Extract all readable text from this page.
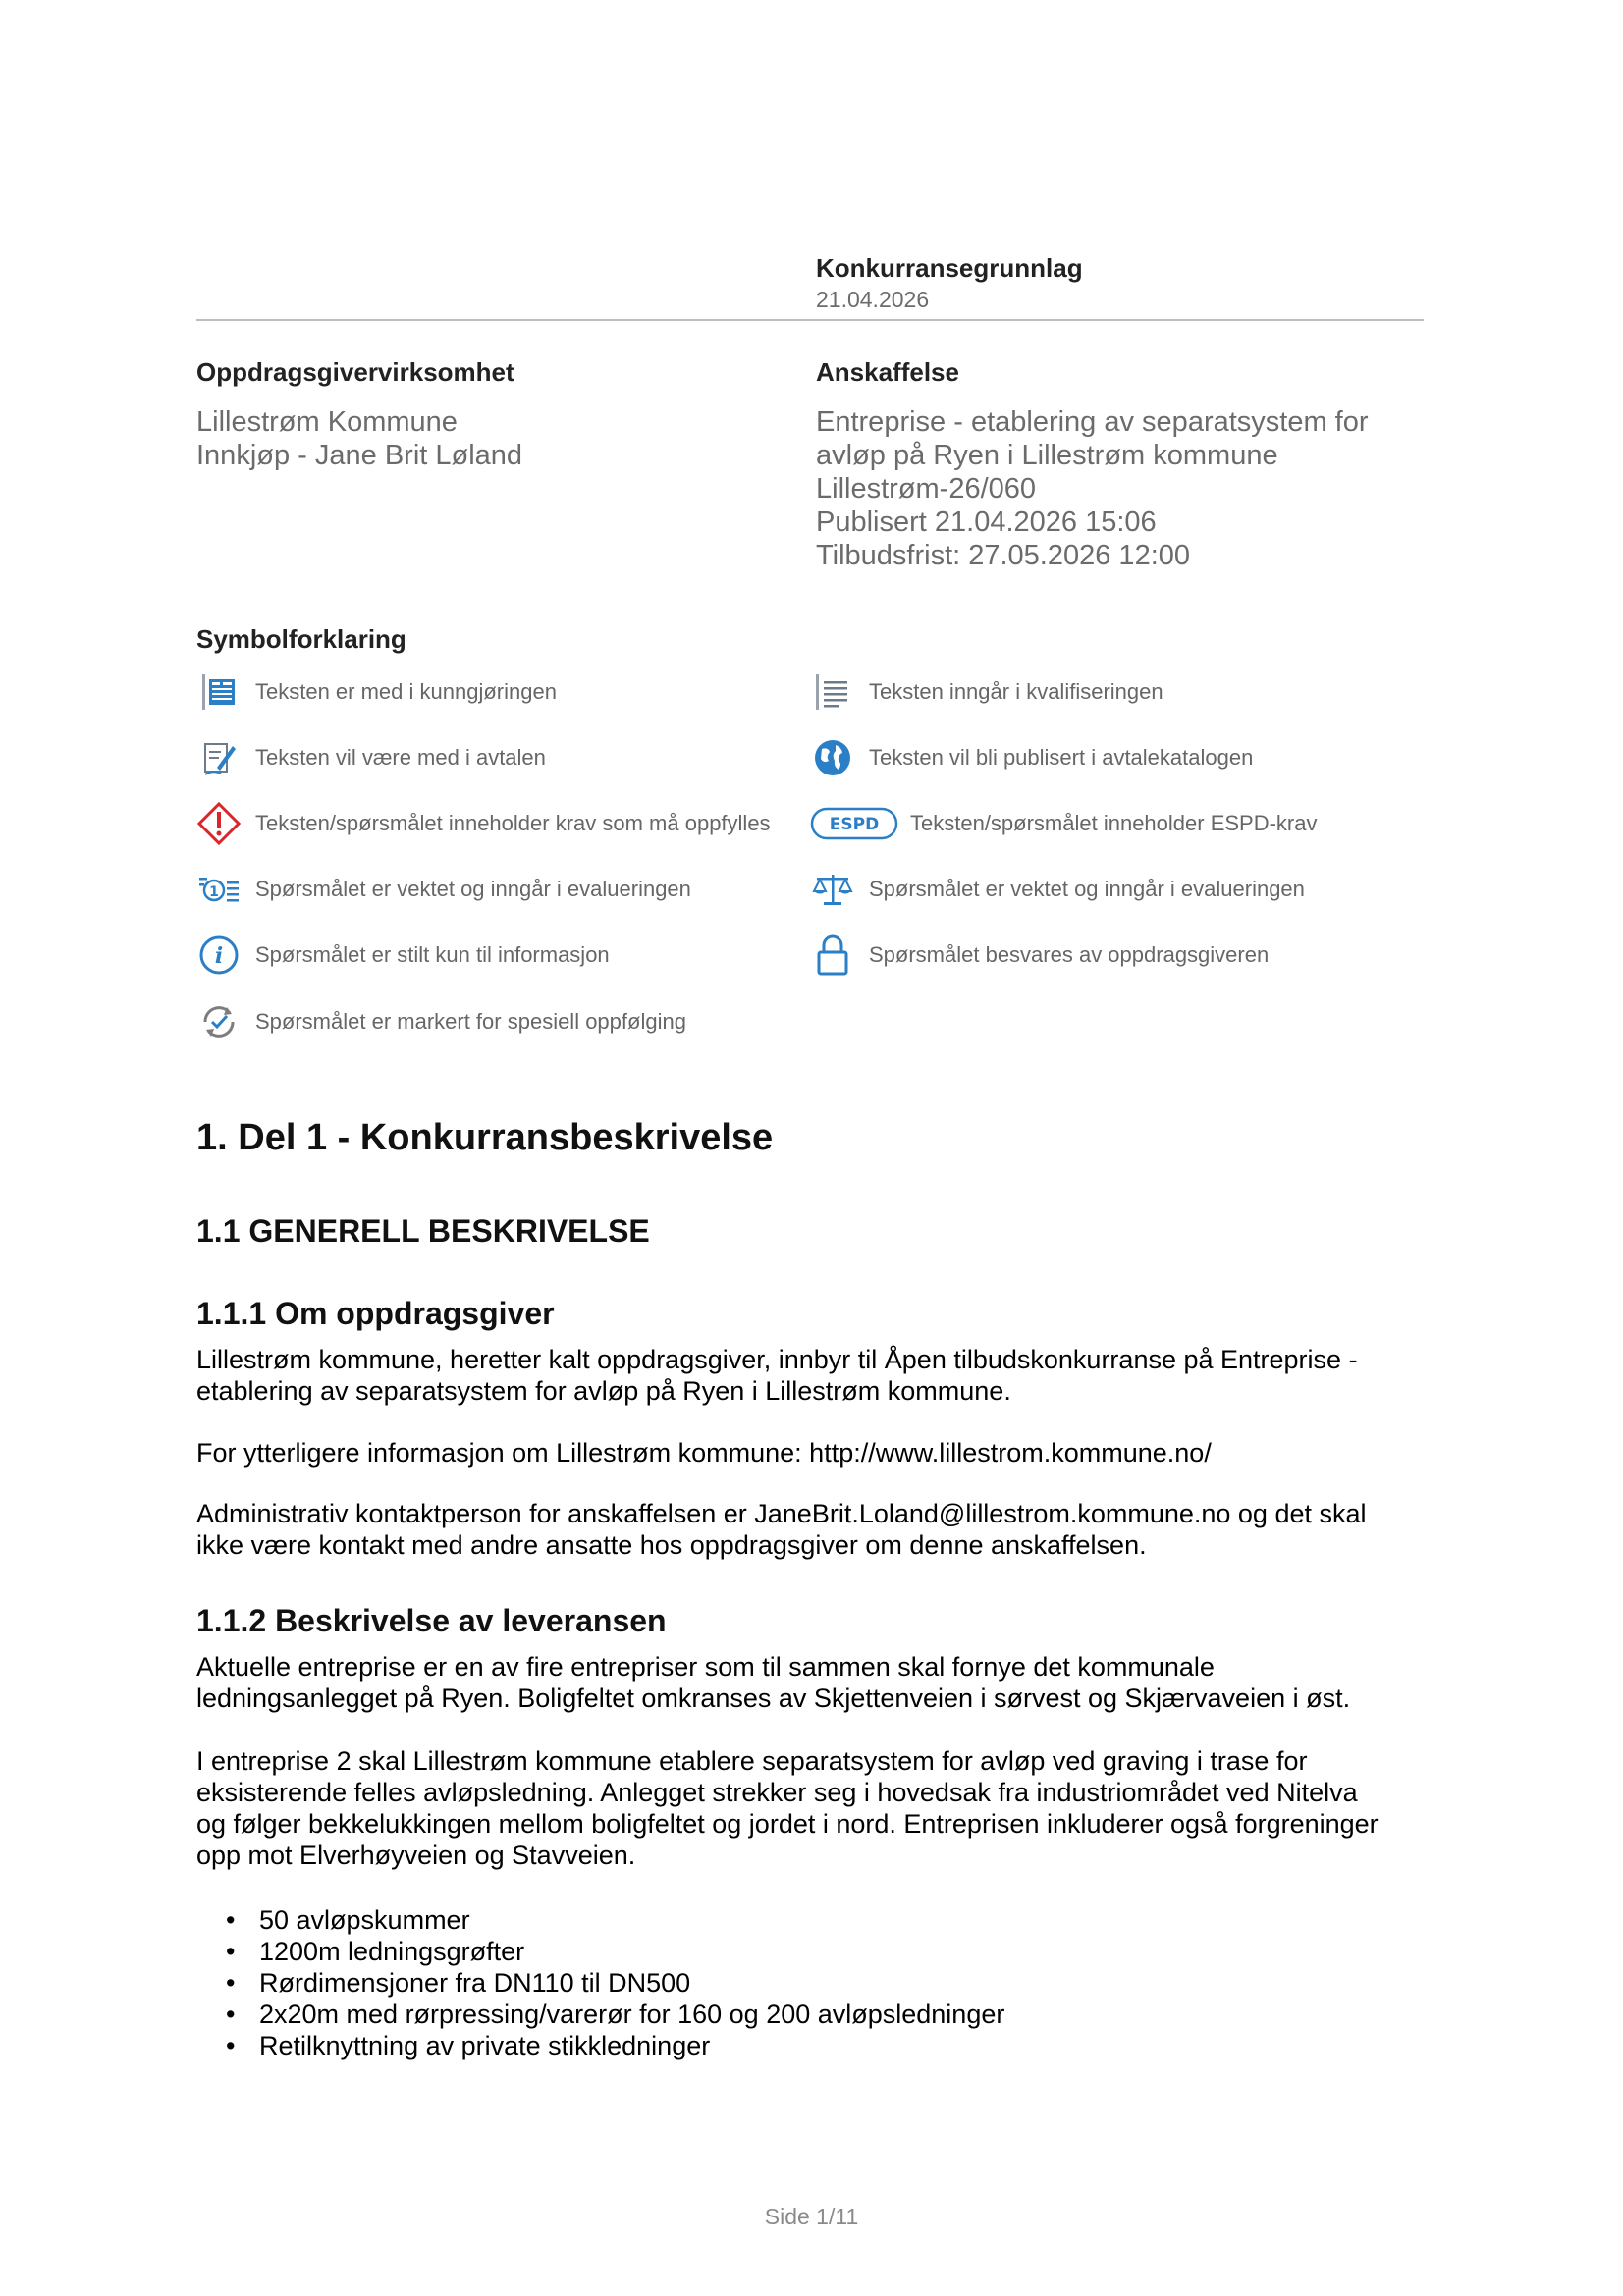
Konkurransegrunnlag
21.04.2026
Oppdragsgivervirksomhet
Lillestrøm Kommune
Innkjøp - Jane Brit Løland
Anskaffelse
Entreprise - etablering av separatsystem for
avløp på Ryen i Lillestrøm kommune
Lillestrøm-26/060
Publisert 21.04.2026 15:06
Tilbudsfrist: 27.05.2026 12:00
Symbolforklaring
Teksten er med i kunngjøringen
Teksten vil være med i avtalen
Teksten/spørsmålet inneholder krav som må oppfylles
1 Spørsmålet er vektet og inngår i evalueringen
i Spørsmålet er stilt kun til informasjon
Spørsmålet er markert for spesiell oppfølging
Teksten inngår i kvalifiseringen
Teksten vil bli publisert i avtalekatalogen
ESPD Teksten/spørsmålet inneholder ESPD-krav
Spørsmålet er vektet og inngår i evalueringen
Spørsmålet besvares av oppdragsgiveren
1. Del 1 - Konkurransbeskrivelse
1.1 GENERELL BESKRIVELSE
1.1.1 Om oppdragsgiver
Lillestrøm kommune, heretter kalt oppdragsgiver, innbyr til Åpen tilbudskonkurranse på Entreprise -
etablering av separatsystem for avløp på Ryen i Lillestrøm kommune.
For ytterligere informasjon om Lillestrøm kommune: http://www.lillestrom.kommune.no/
Administrativ kontaktperson for anskaffelsen er JaneBrit.Loland@lillestrom.kommune.no og det skal
ikke være kontakt med andre ansatte hos oppdragsgiver om denne anskaffelsen.
1.1.2 Beskrivelse av leveransen
Aktuelle entreprise er en av fire entrepriser som til sammen skal fornye det kommunale
ledningsanlegget på Ryen. Boligfeltet omkranses av Skjettenveien i sørvest og Skjærvaveien i øst.
I entreprise 2 skal Lillestrøm kommune etablere separatsystem for avløp ved graving i trase for
eksisterende felles avløpsledning. Anlegget strekker seg i hovedsak fra industriområdet ved Nitelva
og følger bekkelukkingen mellom boligfeltet og jordet i nord. Entreprisen inkluderer også forgreninger
opp mot Elverhøyveien og Stavveien.
• 50 avløpskummer
• 1200m ledningsgrøfter
• Rørdimensjoner fra DN110 til DN500
• 2x20m med rørpressing/varerør for 160 og 200 avløpsledninger
• Retilknyttning av private stikkledninger
Side 1/11
